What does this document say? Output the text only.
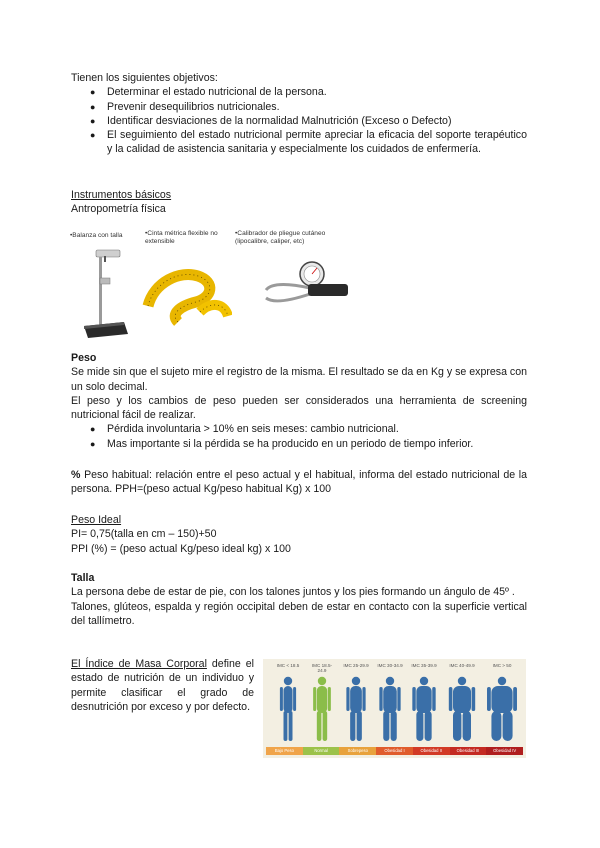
Tienen los siguientes objetivos:
● Determinar el estado nutricional de la persona.
● Prevenir desequilibrios nutricionales.
● Identificar desviaciones de la normalidad Malnutrición (Exceso o Defecto)
● El seguimiento del estado nutricional permite apreciar la eficacia del soporte terapéutico y la calidad de asistencia sanitaria y especialmente los cuidados de enfermería.
Instrumentos básicos
Antropometría física
•Balanza con talla	•Cinta métrica flexible no extensible
•Calibrador de pliegue cutáneo (lipocalibre, caliper, etc)
Peso
Se mide sin que el sujeto mire el registro de la misma. El resultado se da en Kg y se expresa con un solo decimal.
El peso y los cambios de peso pueden ser considerados una herramienta de screening nutricional fácil de realizar.
● Pérdida involuntaria > 10% en seis meses: cambio nutricional.
● Mas importante si la pérdida se ha producido en un periodo de tiempo inferior.
% Peso habitual: relación entre el peso actual y el habitual, informa del estado nutricional de la persona. PPH=(peso actual Kg/peso habitual Kg) x 100
Peso Ideal
PI= 0,75(talla en cm – 150)+50
PPI (%) = (peso actual Kg/peso ideal kg) x 100
Talla
La persona debe de estar de pie, con los talones juntos y los pies formando un ángulo de 45º .
Talones, glúteos, espalda y región occipital deben de estar en contacto con la superficie vertical del tallímetro.
El Índice de Masa Corporal define el estado de nutrición de un individuo y permite clasificar el grado de desnutrición por exceso y por defecto.
IMC < 18.5	IMC 18.5-24.9
IMC 25-29.9 IMC 30-34.9 IMC 35-39.9	IMC 40-49.9	IMC > 50
Bajo Peso	Normal	Sobrepeso	Obesidad I	Obesidad II	Obesidad III	Obesidad IV
